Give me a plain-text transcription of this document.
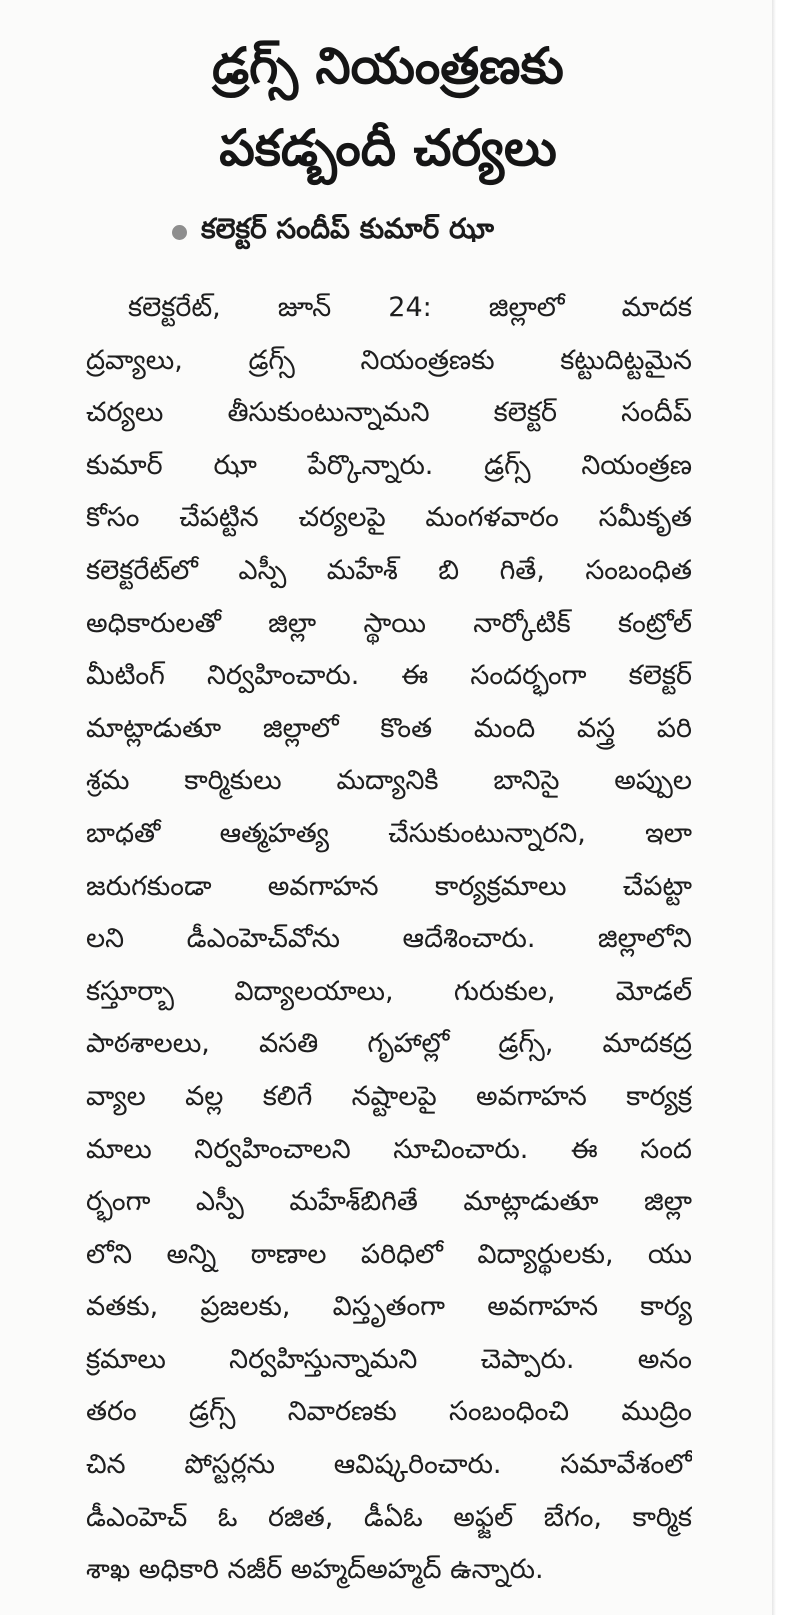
డ్రగ్స్ నియంత్రణకు
పకడ్బందీ చర్యలు
కలెక్టర్ సందీప్ కుమార్ ఝా
కలెక్టరేట్, జూన్ 24: జిల్లాలో మాదక
ద్రవ్యాలు, డ్రగ్స్ నియంత్రణకు కట్టుదిట్టమైన
చర్యలు తీసుకుంటున్నామని కలెక్టర్ సందీప్
కుమార్ ఝా పేర్కొన్నారు. డ్రగ్స్ నియంత్రణ
కోసం చేపట్టిన చర్యలపై మంగళవారం సమీకృత
కలెక్టరేట్‌లో ఎస్పీ మహేశ్ బి గితే, సంబంధిత
అధికారులతో జిల్లా స్థాయి నార్కోటిక్ కంట్రోల్
మీటింగ్ నిర్వహించారు. ఈ సందర్భంగా కలెక్టర్
మాట్లాడుతూ జిల్లాలో కొంత మంది వస్త్ర పరి
శ్రమ కార్మికులు మద్యానికి బానిసై అప్పుల
బాధతో ఆత్మహత్య చేసుకుంటున్నారని, ఇలా
జరుగకుండా అవగాహన కార్యక్రమాలు చేపట్టా
లని డీఎంహెచ్‌వోను ఆదేశించారు. జిల్లాలోని
కస్తూర్బా విద్యాలయాలు, గురుకుల, మోడల్
పాఠశాలలు, వసతి గృహాల్లో డ్రగ్స్, మాదకద్ర
వ్యాల వల్ల కలిగే నష్టాలపై అవగాహన కార్యక్ర
మాలు నిర్వహించాలని సూచించారు. ఈ సంద
ర్భంగా ఎస్పీ మహేశ్‌బిగితే మాట్లాడుతూ జిల్లా
లోని అన్ని ఠాణాల పరిధిలో విద్యార్థులకు, యు
వతకు, ప్రజలకు, విస్తృతంగా అవగాహన కార్య
క్రమాలు నిర్వహిస్తున్నామని చెప్పారు. అనం
తరం డ్రగ్స్ నివారణకు సంబంధించి ముద్రిం
చిన పోస్టర్లను ఆవిష్కరించారు. సమావేశంలో
డీఎంహెచ్ ఓ రజిత, డీఏఓ అఫ్జల్ బేగం, కార్మిక
శాఖ అధికారి నజీర్ అహ్మద్‌అహ్మద్ ఉన్నారు.
